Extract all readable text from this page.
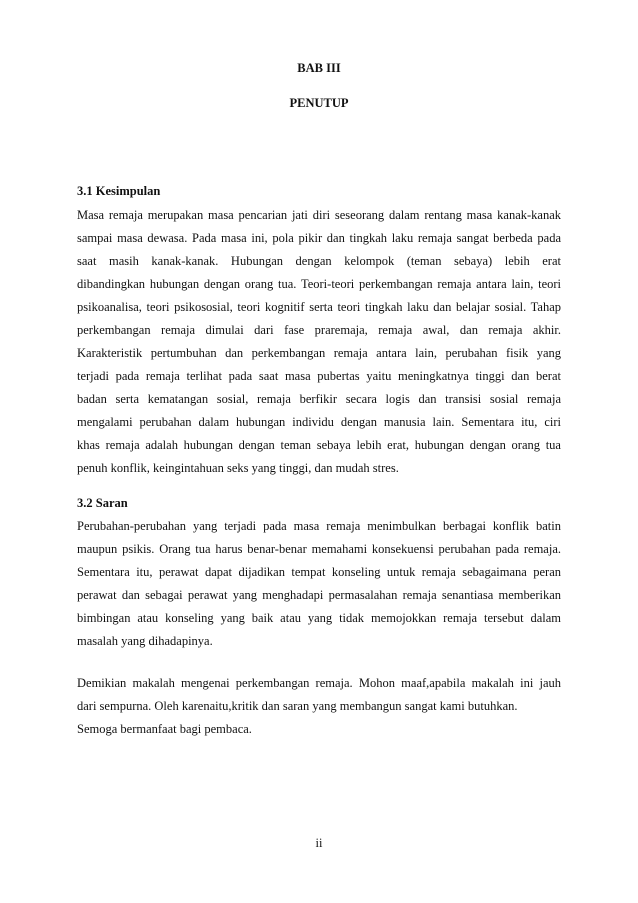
BAB III
PENUTUP
3.1 Kesimpulan
Masa remaja merupakan masa pencarian jati diri seseorang dalam rentang masa kanak-kanak
sampai masa dewasa. Pada masa ini, pola pikir dan tingkah laku remaja sangat berbeda pada
saat masih kanak-kanak. Hubungan dengan kelompok (teman sebaya) lebih erat
dibandingkan hubungan dengan orang tua. Teori-teori perkembangan remaja antara lain, teori
psikoanalisa, teori psikososial, teori kognitif serta teori tingkah laku dan belajar sosial. Tahap
perkembangan remaja dimulai dari fase praremaja, remaja awal, dan remaja akhir.
Karakteristik pertumbuhan dan perkembangan remaja antara lain, perubahan fisik yang
terjadi pada remaja terlihat pada saat masa pubertas yaitu meningkatnya tinggi dan berat
badan serta kematangan sosial, remaja berfikir secara logis dan transisi sosial remaja
mengalami perubahan dalam hubungan individu dengan manusia lain. Sementara itu, ciri
khas remaja adalah hubungan dengan teman sebaya lebih erat, hubungan dengan orang tua
penuh konflik, keingintahuan seks yang tinggi, dan mudah stres.
3.2 Saran
Perubahan-perubahan yang terjadi pada masa remaja menimbulkan berbagai konflik batin
maupun psikis. Orang tua harus benar-benar memahami konsekuensi perubahan pada remaja.
Sementara itu, perawat dapat dijadikan tempat konseling untuk remaja sebagaimana peran
perawat dan sebagai perawat yang menghadapi permasalahan remaja senantiasa memberikan
bimbingan atau konseling yang baik atau yang tidak memojokkan remaja tersebut dalam
masalah yang dihadapinya.
Demikian makalah mengenai perkembangan remaja. Mohon maaf,apabila makalah ini jauh
dari sempurna. Oleh karenaitu,kritik dan saran yang membangun sangat kami butuhkan.
Semoga bermanfaat bagi pembaca.
ii
